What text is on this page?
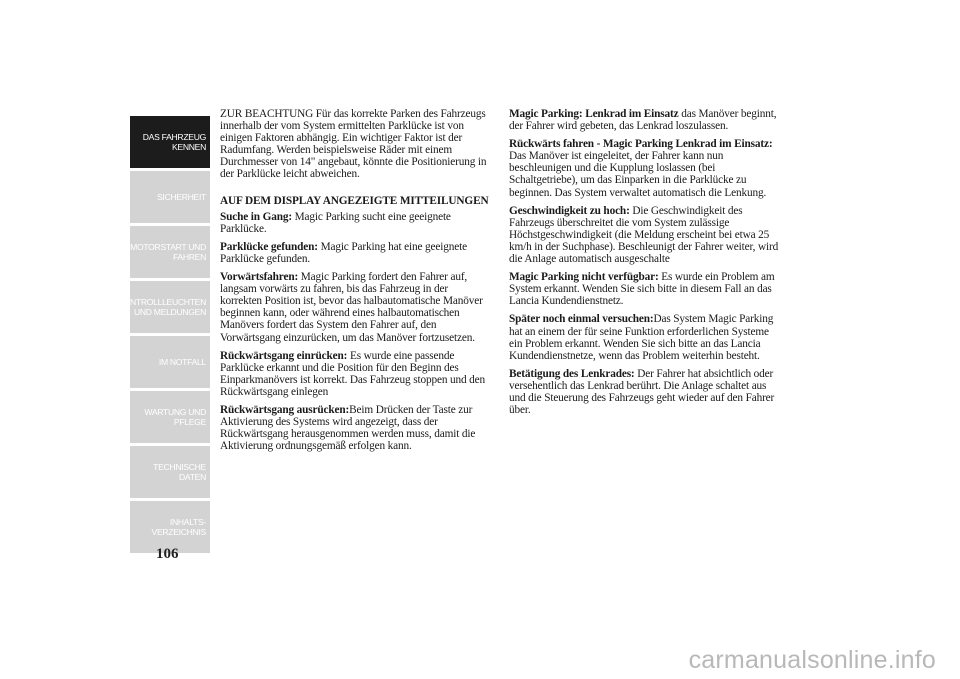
DAS FAHRZEUG
KENNEN
SICHERHEIT
MOTORSTART UND
FAHREN
KONTROLLLEUCHTEN
UND MELDUNGEN
IM NOTFALL
WARTUNG UND
PFLEGE
TECHNISCHE
DATEN
INHALTS-
VERZEICHNIS
106

ZUR BEACHTUNG Für das korrekte Parken des Fahrzeugs innerhalb der vom System ermittelten Parklücke ist von einigen Faktoren abhängig. Ein wichtiger Faktor ist der Radumfang. Werden beispielsweise Räder mit einem Durchmesser von 14" angebaut, könnte die Positionierung in der Parklücke leicht abweichen.

AUF DEM DISPLAY ANGEZEIGTE MITTEILUNGEN

Suche in Gang: Magic Parking sucht eine geeignete Parklücke.

Parklücke gefunden: Magic Parking hat eine geeignete Parklücke gefunden.

Vorwärtsfahren: Magic Parking fordert den Fahrer auf, langsam vorwärts zu fahren, bis das Fahrzeug in der korrekten Position ist, bevor das halbautomatische Manöver beginnen kann, oder während eines halbautomatischen Manövers fordert das System den Fahrer auf, den Vorwärtsgang einzurücken, um das Manöver fortzusetzen.

Rückwärtsgang einrücken: Es wurde eine passende Parklücke erkannt und die Position für den Beginn des Einparkmanövers ist korrekt. Das Fahrzeug stoppen und den Rückwärtsgang einlegen

Rückwärtsgang ausrücken:Beim Drücken der Taste zur Aktivierung des Systems wird angezeigt, dass der Rückwärtsgang herausgenommen werden muss, damit die Aktivierung ordnungsgemäß erfolgen kann.

Magic Parking: Lenkrad im Einsatz das Manöver beginnt, der Fahrer wird gebeten, das Lenkrad loszulassen.

Rückwärts fahren - Magic Parking Lenkrad im Einsatz: Das Manöver ist eingeleitet, der Fahrer kann nun beschleunigen und die Kupplung loslassen (bei Schaltgetriebe), um das Einparken in die Parklücke zu beginnen. Das System verwaltet automatisch die Lenkung.

Geschwindigkeit zu hoch: Die Geschwindigkeit des Fahrzeugs überschreitet die vom System zulässige Höchstgeschwindigkeit (die Meldung erscheint bei etwa 25 km/h in der Suchphase). Beschleunigt der Fahrer weiter, wird die Anlage automatisch ausgeschalte

Magic Parking nicht verfügbar: Es wurde ein Problem am System erkannt. Wenden Sie sich bitte in diesem Fall an das Lancia Kundendienstnetz.

Später noch einmal versuchen:Das System Magic Parking hat an einem der für seine Funktion erforderlichen Systeme ein Problem erkannt. Wenden Sie sich bitte an das Lancia Kundendienstnetze, wenn das Problem weiterhin besteht.

Betätigung des Lenkrades: Der Fahrer hat absichtlich oder versehentlich das Lenkrad berührt. Die Anlage schaltet aus und die Steuerung des Fahrzeugs geht wieder auf den Fahrer über.

carmanualsonline.info
